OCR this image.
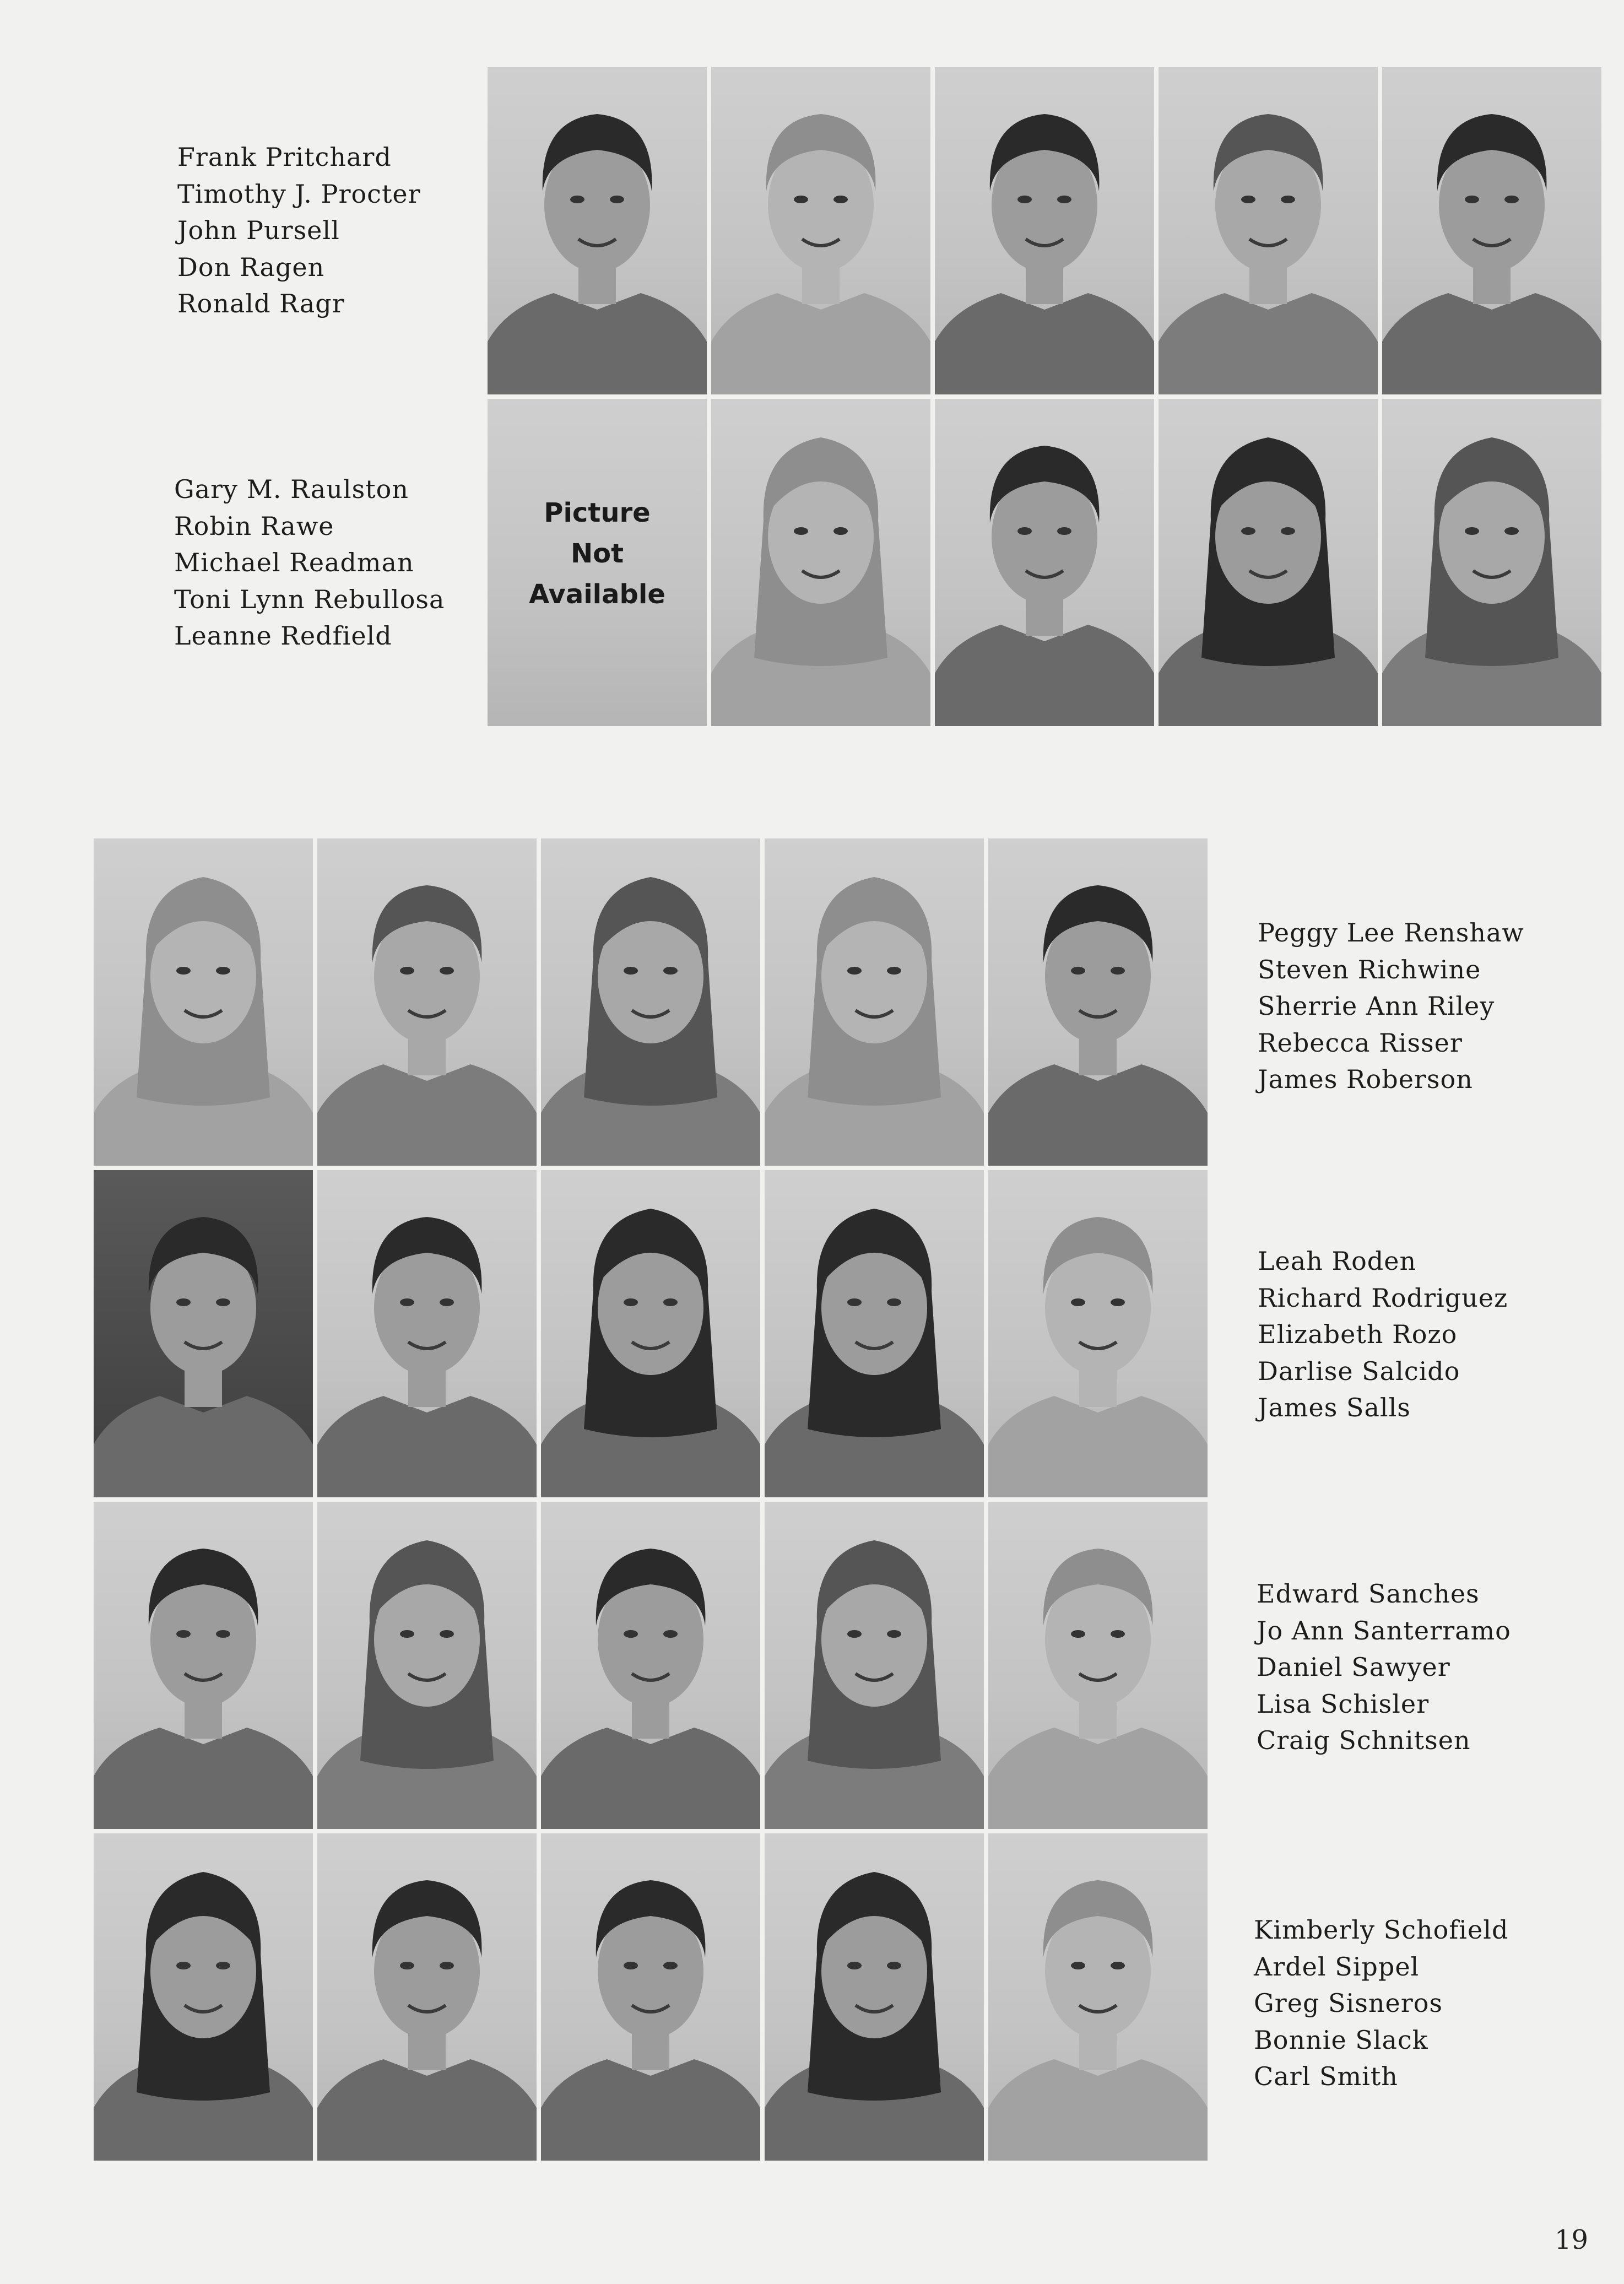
Frank Pritchard
Timothy J. Procter
John Pursell
Don Ragen
Ronald Ragr
Gary M. Raulston
Robin Rawe
Michael Readman
Toni Lynn Rebullosa
Leanne Redfield
Picture
Not
Available
Peggy Lee Renshaw
Steven Richwine
Sherrie Ann Riley
Rebecca Risser
James Roberson
Leah Roden
Richard Rodriguez
Elizabeth Rozo
Darlise Salcido
James Salls
Edward Sanches
Jo Ann Santerramo
Daniel Sawyer
Lisa Schisler
Craig Schnitsen
Kimberly Schofield
Ardel Sippel
Greg Sisneros
Bonnie Slack
Carl Smith
19
